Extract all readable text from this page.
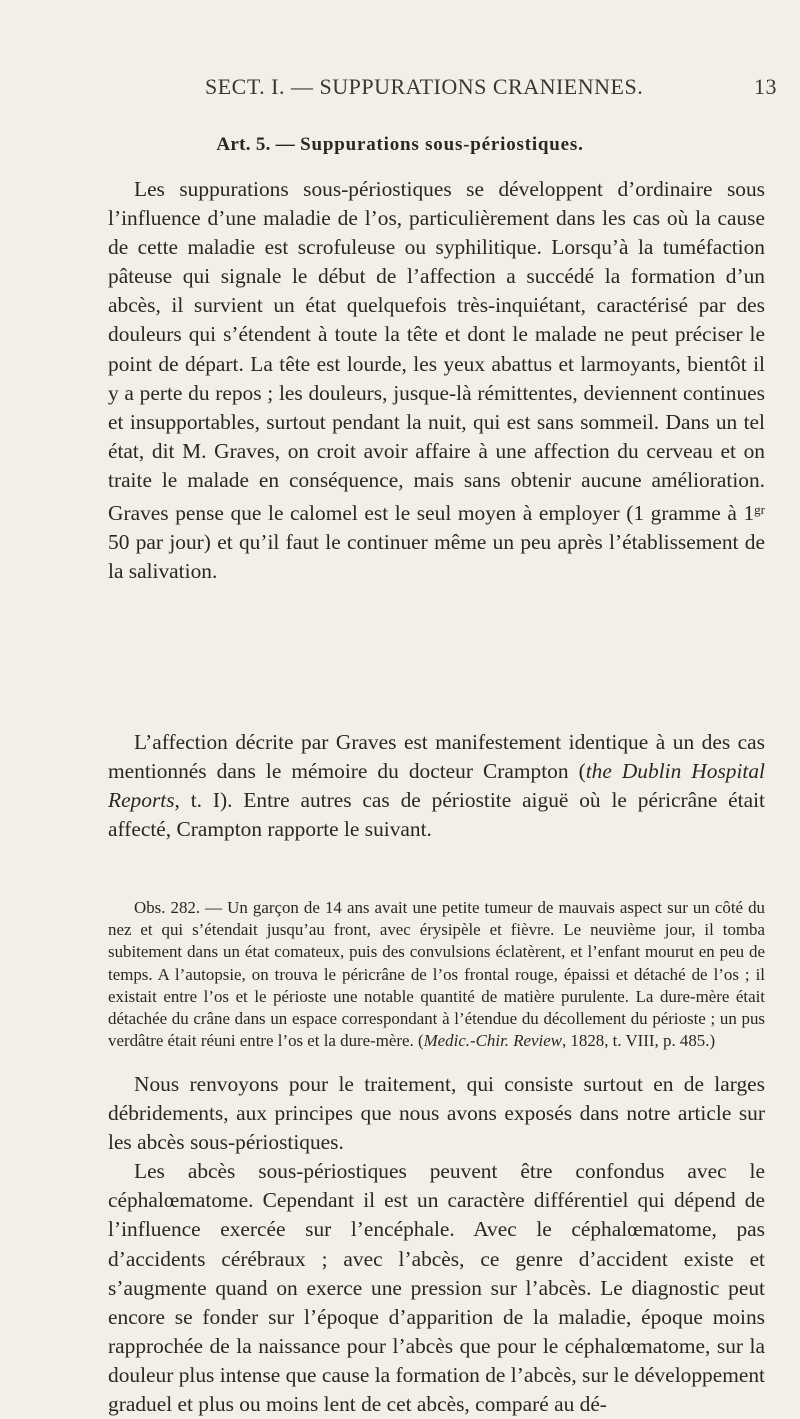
SECT. I. — SUPPURATIONS CRANIENNES.	13
Art. 5. — Suppurations sous-périostiques.

Les suppurations sous-périostiques se développent d’ordinaire sous l’influence d’une maladie de l’os, particulièrement dans les cas où la cause de cette maladie est scrofuleuse ou syphilitique. Lorsqu’à la tuméfaction pâteuse qui signale le début de l’affection a succédé la formation d’un abcès, il survient un état quelquefois très-inquiétant, caractérisé par des douleurs qui s’étendent à toute la tête et dont le malade ne peut préciser le point de départ. La tête est lourde, les yeux abattus et larmoyants, bientôt il y a perte du repos ; les douleurs, jusque-là rémittentes, deviennent continues et insupportables, surtout pendant la nuit, qui est sans sommeil. Dans un tel état, dit M. Graves, on croit avoir affaire à une affection du cerveau et on traite le malade en conséquence, mais sans obtenir aucune amélioration. Graves pense que le calomel est le seul moyen à employer (1 gramme à $1^{gr}$ 50 par jour) et qu’il faut le continuer même un peu après l’établissement de la salivation.

L’affection décrite par Graves est manifestement identique à un des cas mentionnés dans le mémoire du docteur Crampton (the Dublin Hospital Reports, t. I). Entre autres cas de périostite aiguë où le péricrâne était affecté, Crampton rapporte le suivant.

Obs. 282. — Un garçon de 14 ans avait une petite tumeur de mauvais aspect sur un côté du nez et qui s’étendait jusqu’au front, avec érysipèle et fièvre. Le neuvième jour, il tomba subitement dans un état comateux, puis des convulsions éclatèrent, et l’enfant mourut en peu de temps. A l’autopsie, on trouva le péricrâne de l’os frontal rouge, épaissi et détaché de l’os ; il existait entre l’os et le périoste une notable quantité de matière purulente. La dure-mère était détachée du crâne dans un espace correspondant à l’étendue du décollement du périoste ; un pus verdâtre était réuni entre l’os et la dure-mère. (Medic.-Chir. Review, 1828, t. VIII, p. 485.)

Nous renvoyons pour le traitement, qui consiste surtout en de larges débridements, aux principes que nous avons exposés dans notre article sur les abcès sous-périostiques.

Les abcès sous-périostiques peuvent être confondus avec le céphalœmatome. Cependant il est un caractère différentiel qui dépend de l’influence exercée sur l’encéphale. Avec le céphalœmatome, pas d’accidents cérébraux ; avec l’abcès, ce genre d’accident existe et s’augmente quand on exerce une pression sur l’abcès. Le diagnostic peut encore se fonder sur l’époque d’apparition de la maladie, époque moins rapprochée de la naissance pour l’abcès que pour le céphalœmatome, sur la douleur plus intense que cause la formation de l’abcès, sur le développement graduel et plus ou moins lent de cet abcès, comparé au dé-
